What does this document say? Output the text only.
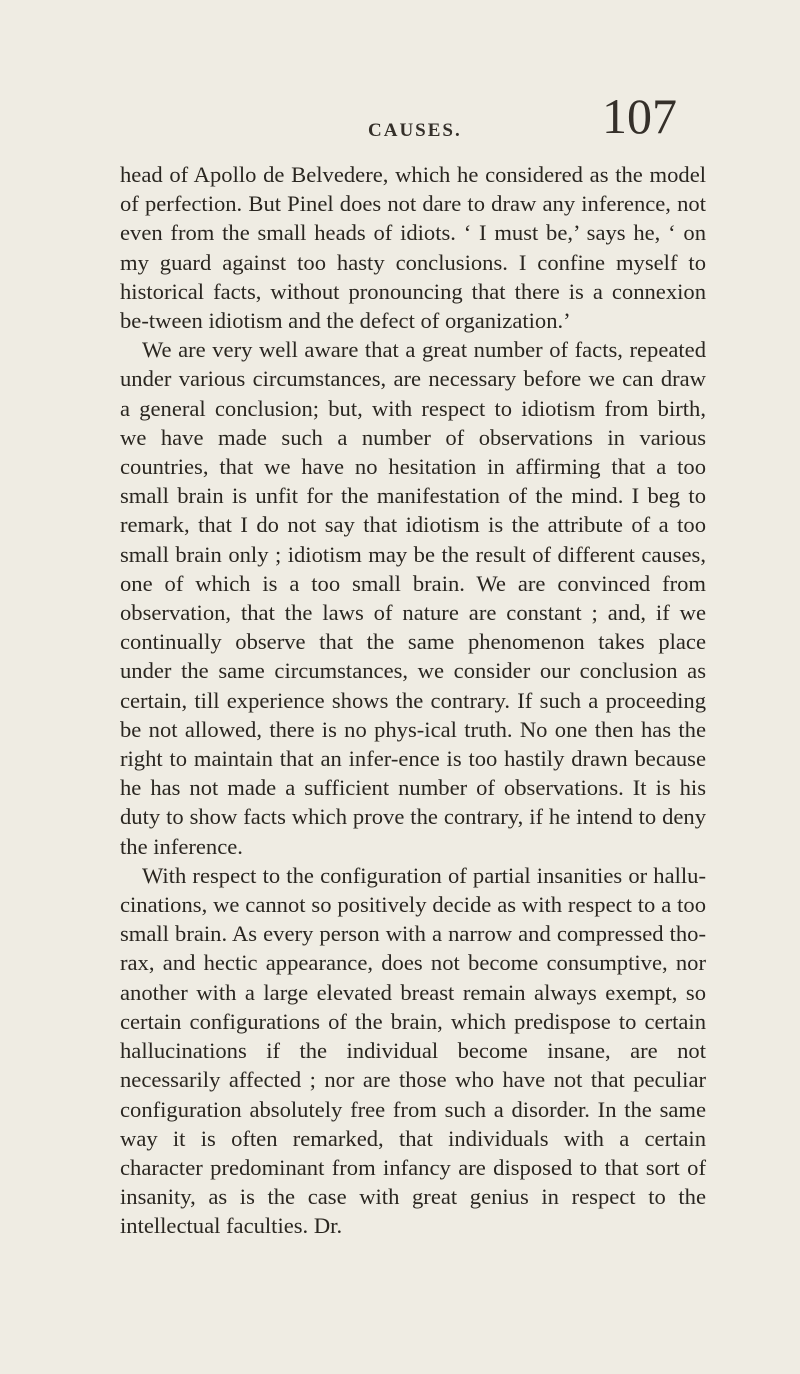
CAUSES.	107

head of Apollo de Belvedere, which he considered as the model of perfection. But Pinel does not dare to draw any inference, not even from the small heads of idiots. ‘ I must be,’ says he, ‘ on my guard against too hasty conclusions. I confine myself to historical facts, without pronouncing that there is a connexion be-tween idiotism and the defect of organization.’

We are very well aware that a great number of facts, repeated under various circumstances, are necessary before we can draw a general conclusion; but, with respect to idiotism from birth, we have made such a number of observations in various countries, that we have no hesitation in affirming that a too small brain is unfit for the manifestation of the mind. I beg to remark, that I do not say that idiotism is the attribute of a too small brain only ; idiotism may be the result of different causes, one of which is a too small brain. We are convinced from observation, that the laws of nature are constant ; and, if we continually observe that the same phenomenon takes place under the same circumstances, we consider our conclusion as certain, till experience shows the contrary. If such a proceeding be not allowed, there is no phys-ical truth. No one then has the right to maintain that an infer-ence is too hastily drawn because he has not made a sufficient number of observations. It is his duty to show facts which prove the contrary, if he intend to deny the inference.

With respect to the configuration of partial insanities or hallu-cinations, we cannot so positively decide as with respect to a too small brain. As every person with a narrow and compressed tho-rax, and hectic appearance, does not become consumptive, nor another with a large elevated breast remain always exempt, so certain configurations of the brain, which predispose to certain hallucinations if the individual become insane, are not necessarily affected ; nor are those who have not that peculiar configuration absolutely free from such a disorder. In the same way it is often remarked, that individuals with a certain character predominant from infancy are disposed to that sort of insanity, as is the case with great genius in respect to the intellectual faculties. Dr.
